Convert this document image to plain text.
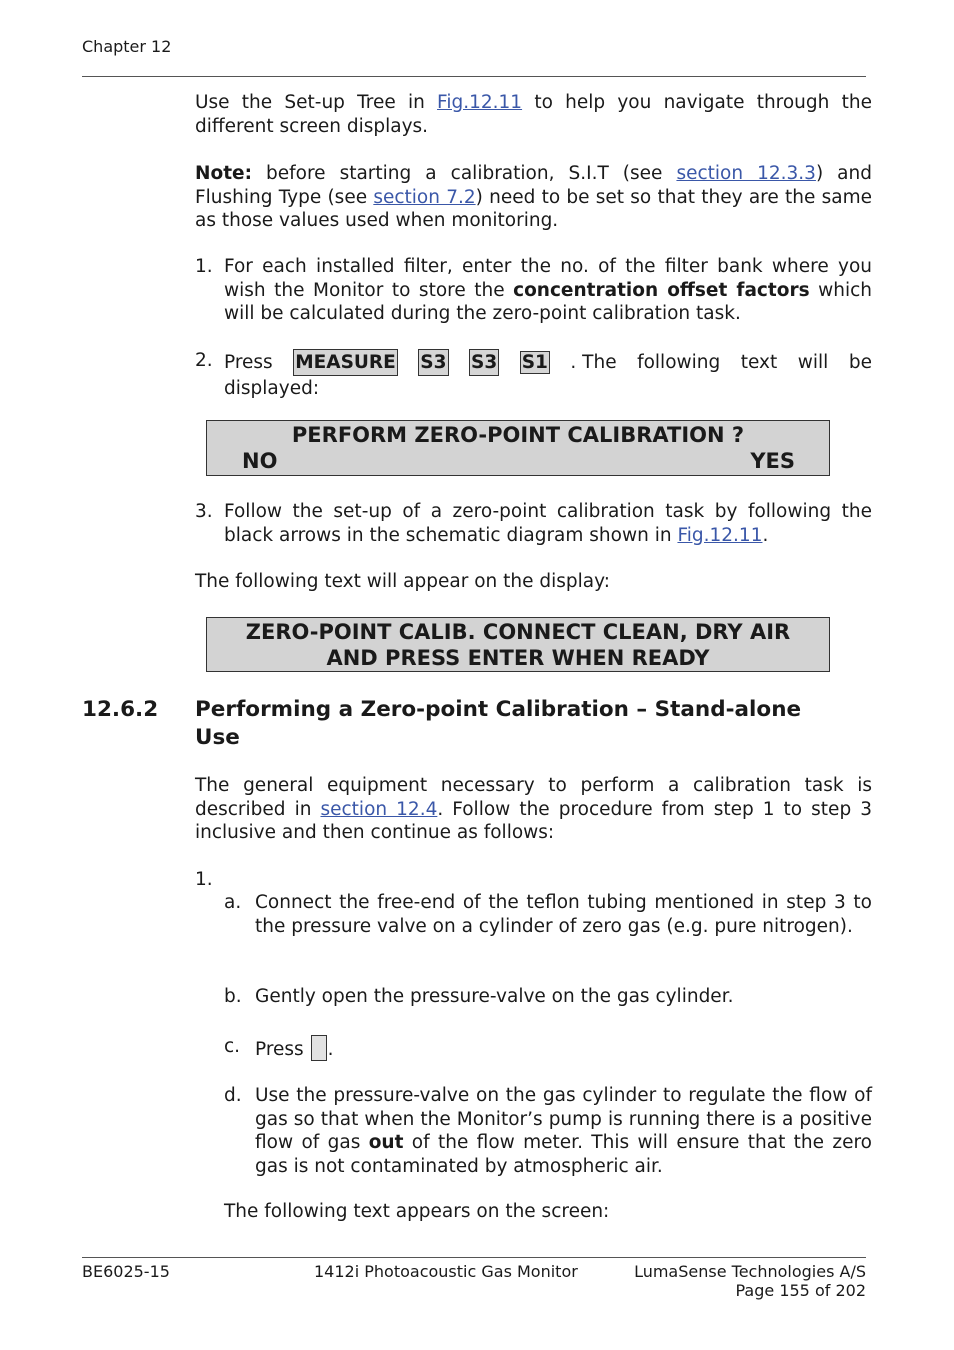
Chapter 12
Use the Set-up Tree in Fig.12.11 to help you navigate through the different screen displays.
Note: before starting a calibration, S.I.T (see section 12.3.3) and Flushing Type (see section 7.2) need to be set so that they are the same as those values used when monitoring.
1. For each installed filter, enter the no. of the filter bank where you wish the Monitor to store the concentration offset factors which will be calculated during the zero-point calibration task.
2. Press MEASURE S3 S3 S1 . The following text will be
displayed:
PERFORM ZERO-POINT CALIBRATION ?
NO	YES
3. Follow the set-up of a zero-point calibration task by following the black arrows in the schematic diagram shown in Fig.12.11.
The following text will appear on the display:
ZERO-POINT CALIB. CONNECT CLEAN, DRY AIR
AND PRESS ENTER WHEN READY
12.6.2 Performing a Zero-point Calibration – Stand-alone
Use
The general equipment necessary to perform a calibration task is described in section 12.4. Follow the procedure from step 1 to step 3 inclusive and then continue as follows:
1.
a. Connect the free-end of the teflon tubing mentioned in step 3 to the pressure valve on a cylinder of zero gas (e.g. pure nitrogen).
b. Gently open the pressure-valve on the gas cylinder.
c. Press .
d. Use the pressure-valve on the gas cylinder to regulate the flow of gas so that when the Monitor’s pump is running there is a positive flow of gas out of the flow meter. This will ensure that the zero gas is not contaminated by atmospheric air.
The following text appears on the screen:
BE6025-15	1412i Photoacoustic Gas Monitor	LumaSense Technologies A/S
Page 155 of 202
